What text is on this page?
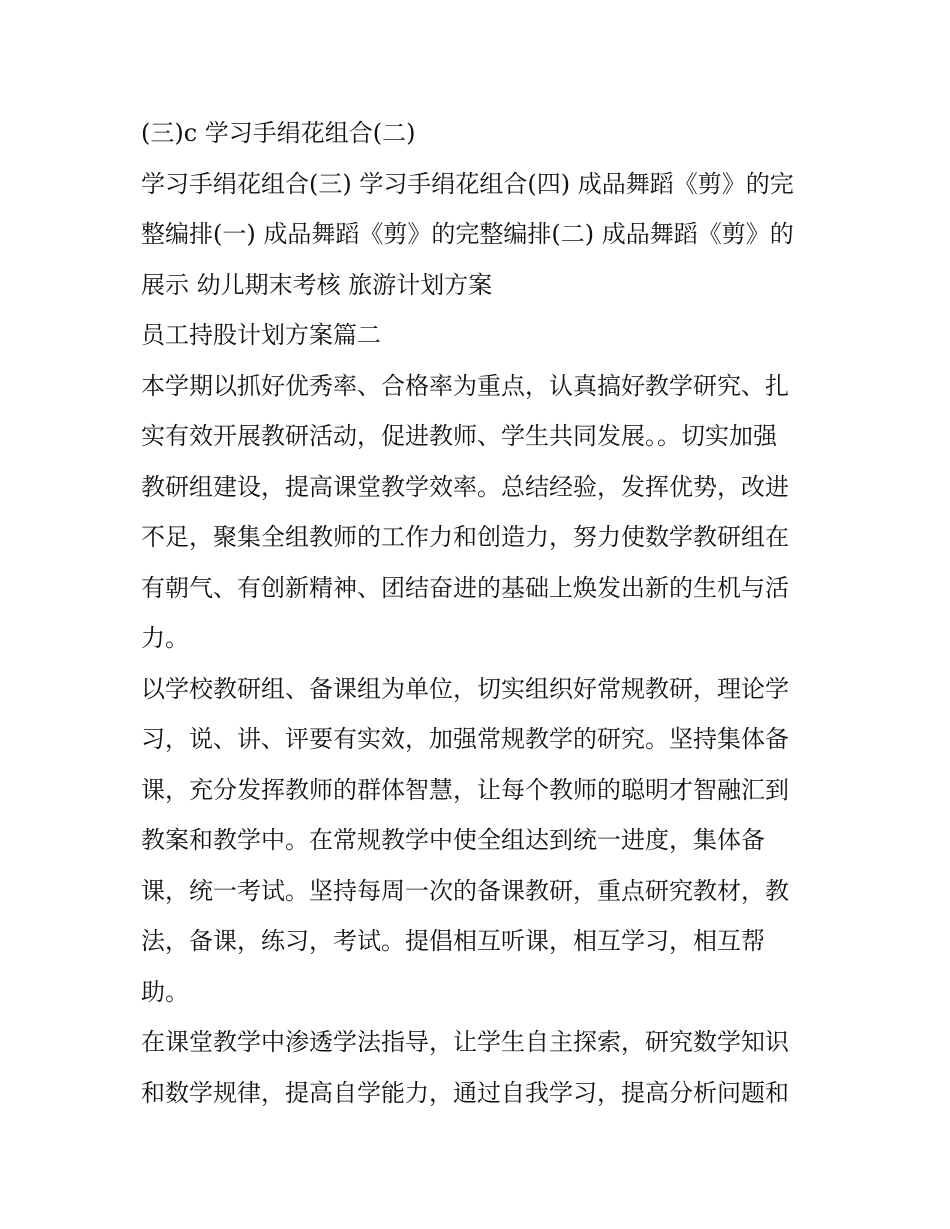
(三)c 学习手绢花组合(二)

学习手绢花组合(三) 学习手绢花组合(四) 成品舞蹈《剪》的完

整编排(一) 成品舞蹈《剪》的完整编排(二) 成品舞蹈《剪》的

展示 幼儿期末考核 旅游计划方案

员工持股计划方案篇二

本学期以抓好优秀率、合格率为重点，认真搞好教学研究、扎

实有效开展教研活动，促进教师、学生共同发展。。切实加强

教研组建设，提高课堂教学效率。总结经验，发挥优势，改进

不足，聚集全组教师的工作力和创造力，努力使数学教研组在

有朝气、有创新精神、团结奋进的基础上焕发出新的生机与活

力。

以学校教研组、备课组为单位，切实组织好常规教研，理论学

习，说、讲、评要有实效，加强常规教学的研究。坚持集体备

课，充分发挥教师的群体智慧，让每个教师的聪明才智融汇到

教案和教学中。在常规教学中使全组达到统一进度，集体备

课，统一考试。坚持每周一次的备课教研，重点研究教材，教

法，备课，练习，考试。提倡相互听课，相互学习，相互帮

助。

在课堂教学中渗透学法指导，让学生自主探索，研究数学知识

和数学规律，提高自学能力，通过自我学习，提高分析问题和
